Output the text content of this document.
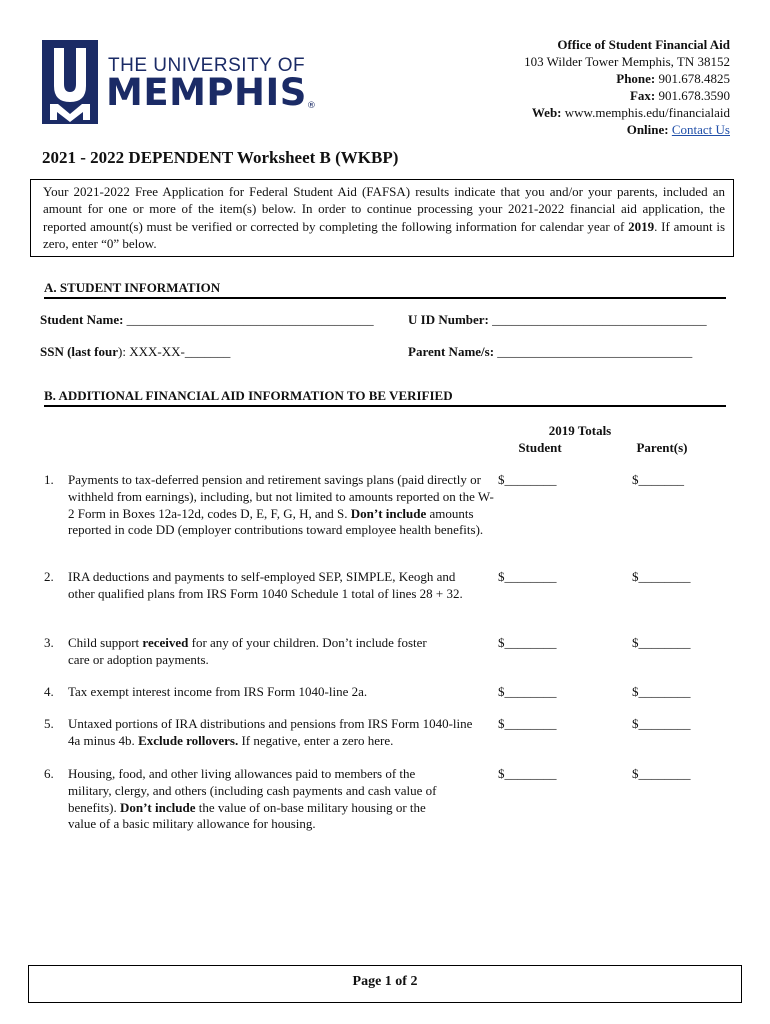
of
THE UNIVERSITY OF
MEMPHIS®
Office of Student Financial Aid
103 Wilder Tower Memphis, TN 38152
Phone: 901.678.4825
Fax: 901.678.3590
Web: www.memphis.edu/financialaid
Online: Contact Us
2021 - 2022 DEPENDENT Worksheet B (WKBP)
Your 2021-2022 Free Application for Federal Student Aid (FAFSA) results indicate that you and/or your parents, included an amount for one or more of the item(s) below. In order to continue processing your 2021-2022 financial aid application, the reported amount(s) must be verified or corrected by completing the following information for calendar year of 2019. If amount is zero, enter “0” below.
A. STUDENT INFORMATION
Student Name: ______________________________________	U ID Number: _________________________________
SSN (last four): XXX-XX-_______	Parent Name/s: ______________________________
B. ADDITIONAL FINANCIAL AID INFORMATION TO BE VERIFIED
2019 Totals
Student	Parent(s)
1.	Payments to tax-deferred pension and retirement savings plans (paid directly or withheld from earnings), including, but not limited to amounts reported on the W-2 Form in Boxes 12a-12d, codes D, E, F, G, H, and S. Don’t include amounts reported in code DD (employer contributions toward employee health benefits).
$________	$_______
2.	IRA deductions and payments to self-employed SEP, SIMPLE, Keogh and other qualified plans from IRS Form 1040 Schedule 1 total of lines 28 + 32.
$________	$________
3.	Child support received for any of your children. Don’t include foster care or adoption payments.
$________	$________
4.	Tax exempt interest income from IRS Form 1040-line 2a.	$________	$________
5.	Untaxed portions of IRA distributions and pensions from IRS Form 1040-line 4a minus 4b. Exclude rollovers. If negative, enter a zero here.
$________	$________
6.	Housing, food, and other living allowances paid to members of the military, clergy, and others (including cash payments and cash value of benefits). Don’t include the value of on-base military housing or the value of a basic military allowance for housing.
$________	$________
Page 1 of 2
